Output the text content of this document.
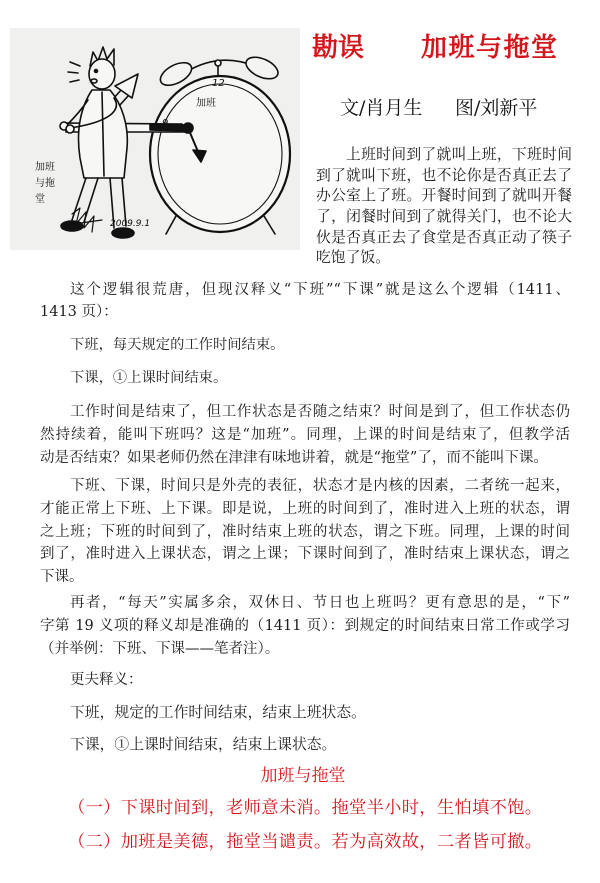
12
加班
加班
与拖
堂
2009.9.1
勘误 加班与拖堂
文/肖月生 图/刘新平
上班时间到了就叫上班，下班时间
到了就叫下班，也不论你是否真正去了
办公室上了班。开餐时间到了就叫开餐
了，闭餐时间到了就得关门，也不论大
伙是否真正去了食堂是否真正动了筷子
吃饱了饭。
这个逻辑很荒唐，但现汉释义“下班”“下课”就是这么个逻辑（1411、
1413 页）：
下班，每天规定的工作时间结束。
下课，①上课时间结束。
工作时间是结束了，但工作状态是否随之结束？时间是到了，但工作状态仍
然持续着，能叫下班吗？这是“加班”。同理，上课的时间是结束了，但教学活
动是否结束？如果老师仍然在津津有味地讲着，就是“拖堂”了，而不能叫下课。
下班、下课，时间只是外壳的表征，状态才是内核的因素，二者统一起来，
才能正常上下班、上下课。即是说，上班的时间到了，准时进入上班的状态，谓
之上班；下班的时间到了，准时结束上班的状态，谓之下班。同理，上课的时间
到了，准时进入上课状态，谓之上课；下课时间到了，准时结束上课状态，谓之
下课。
再者，“每天”实属多余，双休日、节日也上班吗？更有意思的是，“下”
字第 19 义项的释义却是准确的（1411 页）：到规定的时间结束日常工作或学习
（并举例：下班、下课——笔者注）。
更夫释义：
下班，规定的工作时间结束，结束上班状态。
下课，①上课时间结束，结束上课状态。
加班与拖堂
（一）下课时间到，老师意未消。拖堂半小时，生怕填不饱。
（二）加班是美德，拖堂当谴责。若为高效故，二者皆可撤。
